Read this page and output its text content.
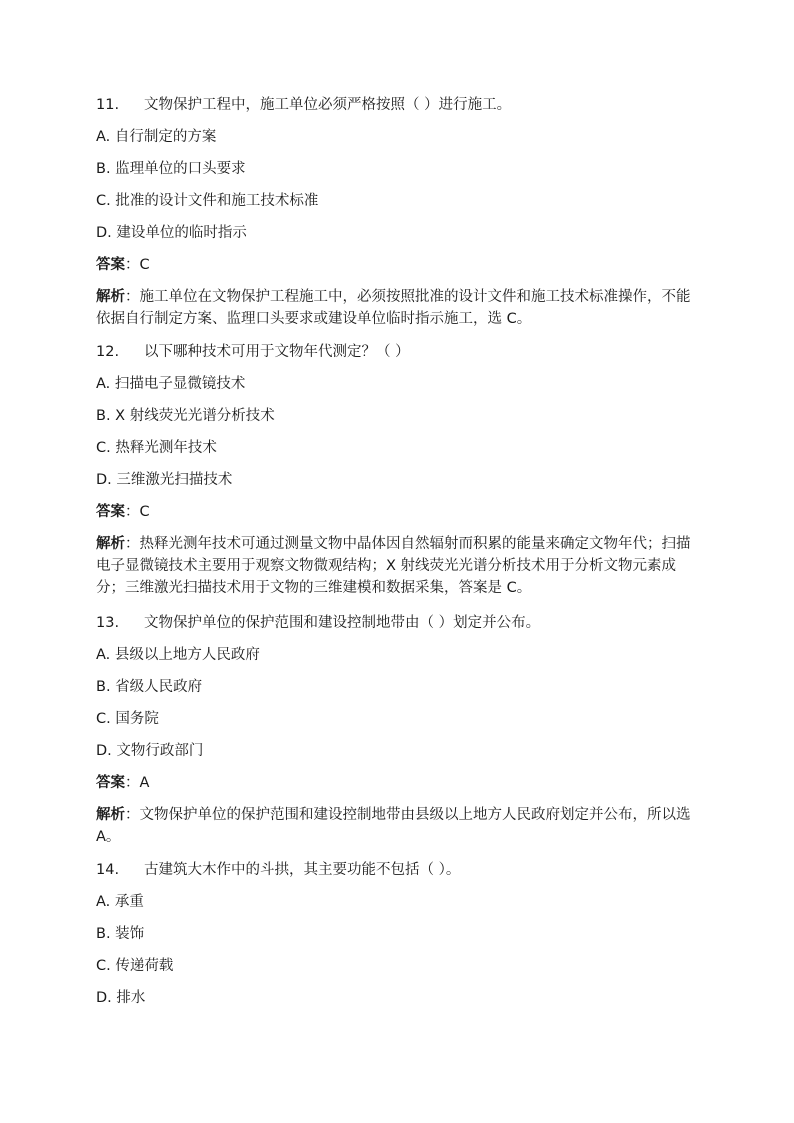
11. 文物保护工程中，施工单位必须严格按照（ ）进行施工。
A. 自行制定的方案
B. 监理单位的口头要求
C. 批准的设计文件和施工技术标准
D. 建设单位的临时指示
答案：C
解析：施工单位在文物保护工程施工中，必须按照批准的设计文件和施工技术标准操作，不能依据自行制定方案、监理口头要求或建设单位临时指示施工，选 C。
12. 以下哪种技术可用于文物年代测定？（ ）
A. 扫描电子显微镜技术
B. X 射线荧光光谱分析技术
C. 热释光测年技术
D. 三维激光扫描技术
答案：C
解析：热释光测年技术可通过测量文物中晶体因自然辐射而积累的能量来确定文物年代；扫描电子显微镜技术主要用于观察文物微观结构；X 射线荧光光谱分析技术用于分析文物元素成分；三维激光扫描技术用于文物的三维建模和数据采集，答案是 C。
13. 文物保护单位的保护范围和建设控制地带由（ ）划定并公布。
A. 县级以上地方人民政府
B. 省级人民政府
C. 国务院
D. 文物行政部门
答案：A
解析：文物保护单位的保护范围和建设控制地带由县级以上地方人民政府划定并公布，所以选 A。
14. 古建筑大木作中的斗拱，其主要功能不包括（ ）。
A. 承重
B. 装饰
C. 传递荷载
D. 排水
